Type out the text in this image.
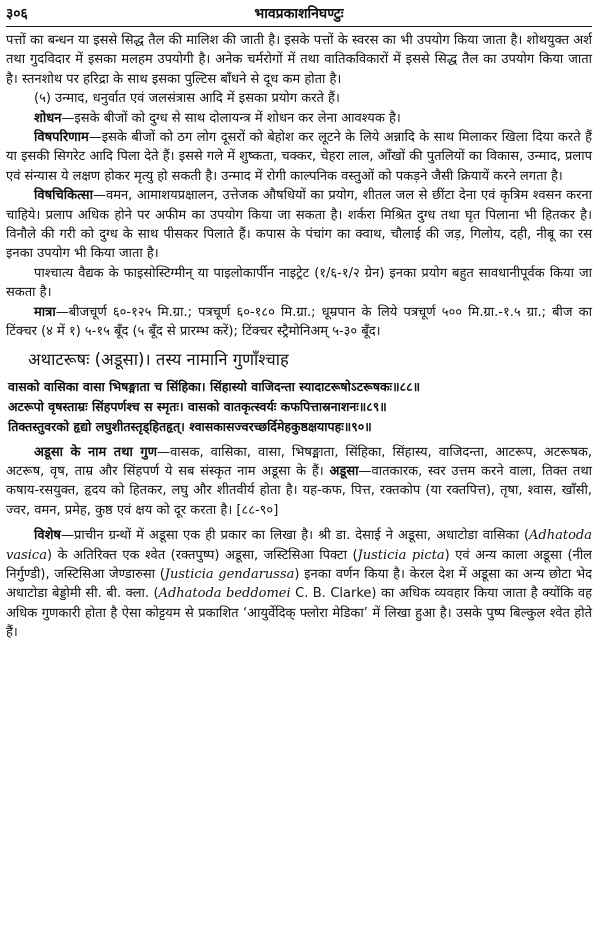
३०६	भावप्रकाशनिघण्टुः

पत्तों का बन्धन या इससे सिद्ध तैल की मालिश की जाती है। इसके पत्तों के स्वरस का भी उपयोग किया जाता है। शोथयुक्त अर्श तथा गुदविदार में इसका मलहम उपयोगी है। अनेक चर्मरोगों में तथा वातिकविकारों में इससे सिद्ध तैल का उपयोग किया जाता है। स्तनशोथ पर हरिद्रा के साथ इसका पुल्टिस बाँधने से दूध कम होता है।

(५) उन्माद, धनुर्वात एवं जलसंत्रास आदि में इसका प्रयोग करते हैं।

शोधन—इसके बीजों को दुग्ध से साथ दोलायन्त्र में शोधन कर लेना आवश्यक है।

विषपरिणाम—इसके बीजों को ठग लोग दूसरों को बेहोश कर लूटने के लिये अन्नादि के साथ मिलाकर खिला दिया करते हैं या इसकी सिगरेट आदि पिला देते हैं। इससे गले में शुष्कता, चक्कर, चेहरा लाल, आँखों की पुतलियों का विकास, उन्माद, प्रलाप एवं संन्यास ये लक्षण होकर मृत्यु हो सकती है। उन्माद में रोगी काल्पनिक वस्तुओं को पकड़ने जैसी क्रियायें करने लगता है।

विषचिकित्सा—वमन, आमाशयप्रक्षालन, उत्तेजक औषधियों का प्रयोग, शीतल जल से छींटा देना एवं कृत्रिम श्वसन करना चाहिये। प्रलाप अधिक होने पर अफीम का उपयोग किया जा सकता है। शर्करा मिश्रित दुग्ध तथा घृत पिलाना भी हितकर है। विनौले की गरी को दुग्ध के साथ पीसकर पिलाते हैं। कपास के पंचांग का क्वाथ, चौलाई की जड़, गिलोय, दही, नीबू का रस इनका उपयोग भी किया जाता है।

पाश्चात्य वैद्यक के फाइसोस्टिग्मीन् या पाइलोकार्पीन नाइट्रेट (१/६-१/२ ग्रेन) इनका प्रयोग बहुत सावधानीपूर्वक किया जा सकता है।

मात्रा—बीजचूर्ण ६०-१२५ मि.ग्रा.; पत्रचूर्ण ६०-१८० मि.ग्रा.; धूम्रपान के लिये पत्रचूर्ण ५०० मि.ग्रा.-१.५ ग्रा.; बीज का टिंक्चर (४ में १) ५-१५ बूँद (५ बूँद से प्रारम्भ करें); टिंक्चर स्ट्रैमोनिअम् ५-३० बूँद।

अथाटरूषः (अडूसा)। तस्य नामानि गुणाँश्चाह

वासको वासिका वासा भिषङ्माता च सिंहिका। सिंहास्यो वाजिदन्ता स्यादाटरूषोऽटरूषकः॥८८॥

अटरूपो वृषस्ताम्रः सिंहपर्णश्च स स्मृतः। वासको वातकृत्स्वर्यः कफपित्तास्रनाशनः॥८९॥

तिक्तस्तुवरको हृद्यो लघुशीतस्तृड्हितहृत्। श्वासकासज्वरच्छर्दिमेहकुष्ठक्षयापहः॥९०॥

अडूसा के नाम तथा गुण—वासक, वासिका, वासा, भिषङ्माता, सिंहिका, सिंहास्य, वाजिदन्ता, आटरूप, अटरूषक, अटरूष, वृष, ताम्र और सिंहपर्ण ये सब संस्कृत नाम अडूसा के हैं। अडूसा—वातकारक, स्वर उत्तम करने वाला, तिक्त तथा कषाय-रसयुक्त, हृदय को हितकर, लघु और शीतवीर्य होता है। यह-कफ, पित्त, रक्तकोप (या रक्तपित्त), तृषा, श्वास, खाँसी, ज्वर, वमन, प्रमेह, कुष्ठ एवं क्षय को दूर करता है। [८८-९०]

विशेष—प्राचीन ग्रन्थों में अडूसा एक ही प्रकार का लिखा है। श्री डा. देसाई ने अडूसा, अधाटोडा वासिका (Adhatoda vasica) के अतिरिक्त एक श्वेत (रक्तपुष्प) अडूसा, जस्टिसिआ पिक्टा (Justicia picta) एवं अन्य काला अडूसा (नील निर्गुण्डी), जस्टिसिआ जेण्डारुसा (Justicia gendarussa) इनका वर्णन किया है। केरल देश में अडूसा का अन्य छोटा भेद अधाटोडा बेड्डोमी सी. बी. क्ला. (Adhatoda beddomei C. B. Clarke) का अधिक व्यवहार किया जाता है क्योंकि वह अधिक गुणकारी होता है ऐसा कोट्टयम से प्रकाशित ‘आयुर्वेदिक् फ्लोरा मेडिका’ में लिखा हुआ है। उसके पुष्प बिल्कुल श्वेत होते हैं।
